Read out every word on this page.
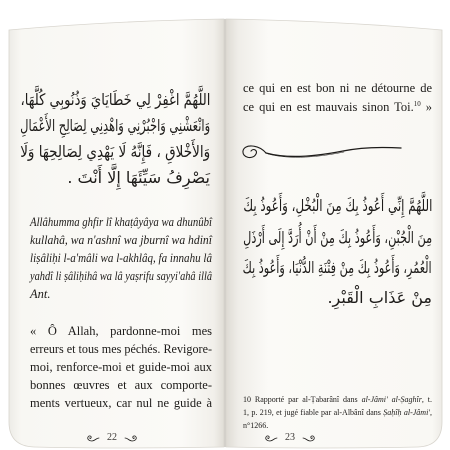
اللَّهُمَّ اغْفِرْ لِي خَطَايَايَ وَذُنُوبِي كُلَّهَا،
وَانْعَشْنِي وَاجْبُرْنِي وَاهْدِنِي لِصَالِحِ الأَعْمَالِ
وَالأَخْلاقِ ، فَإِنَّهُ لَا يَهْدِي لِصَالِحِهَا وَلَا
يَصْرِفُ سَيِّئَهَا إِلَّا أَنْتَ .
Allâhumma ghfir lî khaṭâyâya wa dhunûbî
kullahâ, wa n'ashnî wa jburnî wa hdinî
liṣâliḥi l-a'mâli wa l-akhlâq, fa innahu lâ
yahdî li ṣâliḥihâ wa lâ yaṣrifu sayyi'ahâ illâ
Ant.
« Ô Allah, pardonne-moi mes
erreurs et tous mes péchés. Revigore-
moi, renforce-moi et guide-moi aux
bonnes œuvres et aux comporte-
ments vertueux, car nul ne guide à
22
ce qui en est bon ni ne détourne de
ce qui en est mauvais sinon Toi.$^{10}$ »
اللَّهُمَّ إِنِّي أَعُوذُ بِكَ مِنَ الْبُخْلِ، وَأَعُوذُ بِكَ
مِنَ الْجُبْنِ، وَأَعُوذُ بِكَ مِنْ أَنْ أُرَدَّ إِلَى أَرْذَلِ
الْعُمُرِ، وَأَعُوذُ بِكَ مِنْ فِتْنَةِ الدُّنْيَا، وَأَعُوذُ بِكَ
مِنْ عَذَابِ الْقَبْرِ.
10 Rapporté par al-Ṭabarânî dans al-Jâmi' al-Ṣaghîr, t.
1, p. 219, et jugé fiable par al-Albânî dans Ṣaḥîḥ al-Jâmi',
n°1266.
23
